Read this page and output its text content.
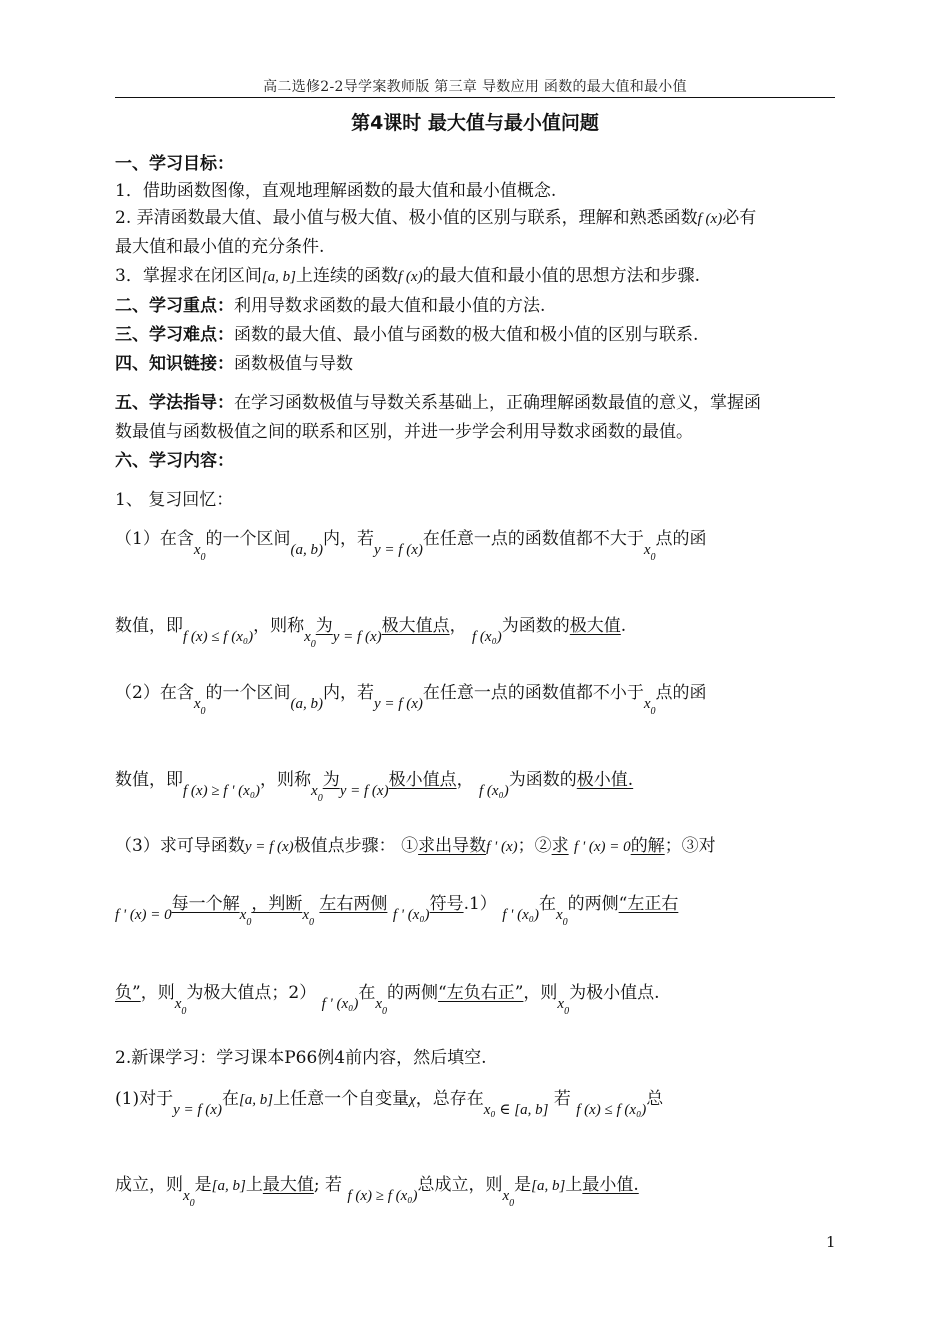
高二选修2-2导学案教师版 第三章 导数应用 函数的最大值和最小值
第4课时 最大值与最小值问题
一、学习目标：
1．借助函数图像，直观地理解函数的最大值和最小值概念.
2. 弄清函数最大值、最小值与极大值、极小值的区别与联系，理解和熟悉函数f (x)必有
最大值和最小值的充分条件.
3．掌握求在闭区间[a, b]上连续的函数f (x)的最大值和最小值的思想方法和步骤.
二、学习重点：利用导数求函数的最大值和最小值的方法.
三、学习难点：函数的最大值、最小值与函数的极大值和极小值的区别与联系.
四、知识链接：函数极值与导数
五、学法指导：在学习函数极值与导数关系基础上，正确理解函数最值的意义，掌握函
数最值与函数极值之间的联系和区别，并进一步学会利用导数求函数的最值。
六、学习内容：
1、 复习回忆：
（1）在含$x_0$的一个区间(a, b)内，若y = f (x)在任意一点的函数值都不大于$x_0$点的函
数值，即f (x) ≤ f (x₀)，则称$x_0$为y = f (x)极大值点， f (x₀)为函数的极大值.
（2）在含$x_0$的一个区间(a, b)内，若y = f (x)在任意一点的函数值都不小于$x_0$点的函
数值，即f (x) ≥ f ' (x₀)，则称$x_0$为y = f (x)极小值点， f (x₀)为函数的极小值.
（3）求可导函数y = f (x)极值点步骤： ①求出导数f ' (x)；②求 f ' (x) = 0的解；③对
f ' (x) = 0每一个解$x_0$，判断$x_0$ 左右两侧 f ' (x₀)符号.1） f ' (x₀)在$x_0$的两侧“左正右
负”，则$x_0$为极大值点；2） f ' (x₀)在$x_0$的两侧“左负右正”，则$x_0$为极小值点.
2.新课学习：学习课本P66例4前内容，然后填空.
(1)对于y = f (x)在[a, b]上任意一个自变量χ，总存在x₀ ∈ [a, b] 若 f (x) ≤ f (x₀)总
成立，则$x_0$是[a, b]上最大值; 若 f (x) ≥ f (x₀)总成立，则$x_0$是[a, b]上最小值.
1
